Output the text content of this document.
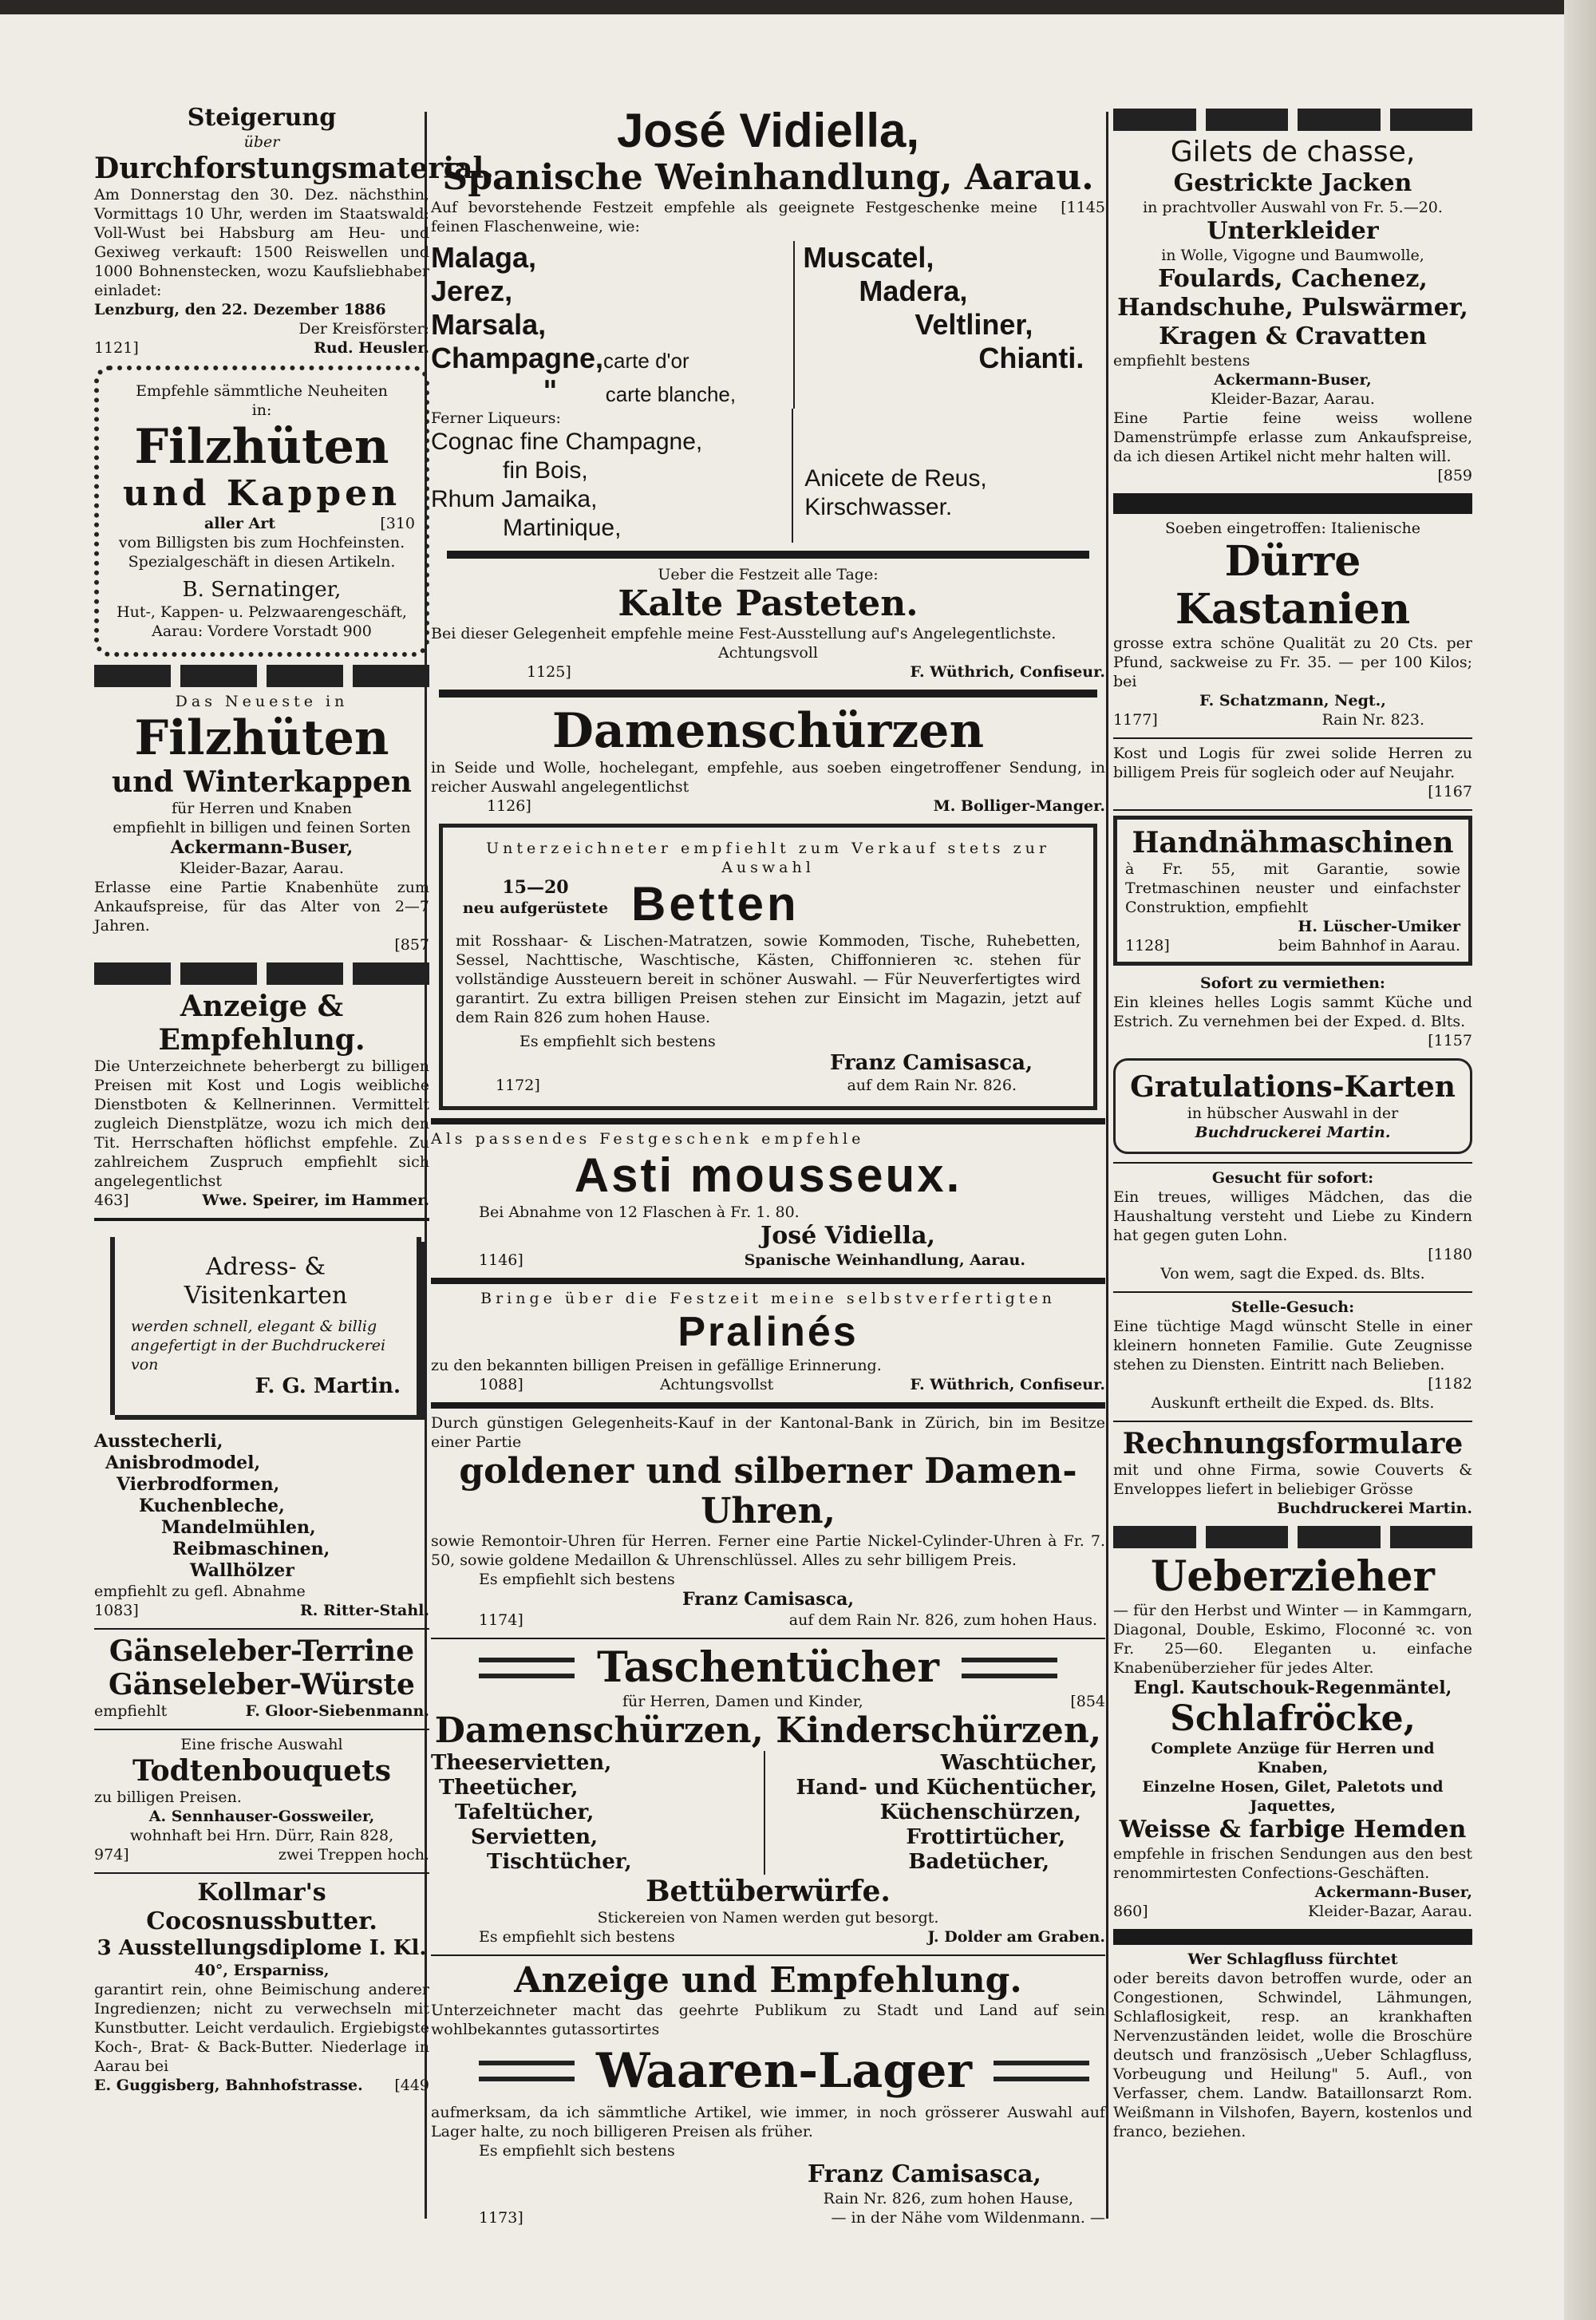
Steigerung
über
Durchforstungsmaterial.
Am Donnerstag den 30. Dez. nächsthin, Vormittags 10 Uhr, werden im Staatswald: Voll-Wust bei Habsburg am Heu- und Gexiweg verkauft: 1500 Reiswellen und 1000 Bohnenstecken, wozu Kaufsliebhaber einladet:
Lenzburg, den 22. Dezember 1886
Der Kreisförster:
1121]	Rud. Heusler.
Empfehle sämmtliche Neuheiten
in:
Filzhüten
und Kappen
aller Art	[310
vom Billigsten bis zum Hochfeinsten.
Spezialgeschäft in diesen Artikeln.
B. Sernatinger,
Hut-, Kappen- u. Pelzwaarengeschäft,
Aarau: Vordere Vorstadt 900
Das Neueste in
Filzhüten
und Winterkappen
für Herren und Knaben
empfiehlt in billigen und feinen Sorten
Ackermann-Buser,
Kleider-Bazar, Aarau.
Erlasse eine Partie Knabenhüte zum Ankaufspreise, für das Alter von 2—7 Jahren.
[857
Anzeige & Empfehlung.
Die Unterzeichnete beherbergt zu billigen Preisen mit Kost und Logis weibliche Dienstboten & Kellnerinnen. Vermittelt zugleich Dienstplätze, wozu ich mich den Tit. Herrschaften höflichst empfehle. Zu zahlreichem Zuspruch empfiehlt sich angelegentlichst
463]	Wwe. Speirer, im Hammer.
Adress- & Visitenkarten
werden schnell, elegant & billig angefertigt in der Buchdruckerei von
F. G. Martin.
Ausstecherli,
Anisbrodmodel,
Vierbrodformen,
Kuchenbleche,
Mandelmühlen,
Reibmaschinen,
Wallhölzer
empfiehlt zu gefl. Abnahme
1083]	R. Ritter-Stahl.
Gänseleber-Terrine
Gänseleber-Würste
empfiehlt	F. Gloor-Siebenmann.
Eine frische Auswahl
Todtenbouquets
zu billigen Preisen.
A. Sennhauser-Gossweiler,
wohnhaft bei Hrn. Dürr, Rain 828,
974]	zwei Treppen hoch.
Kollmar's Cocosnussbutter.
3 Ausstellungsdiplome I. Kl.
40°, Ersparniss,
garantirt rein, ohne Beimischung anderer Ingredienzen; nicht zu verwechseln mit Kunstbutter. Leicht verdaulich. Ergiebigste Koch-, Brat- & Back-Butter. Niederlage in Aarau bei
E. Guggisberg, Bahnhofstrasse. [449
José Vidiella,
Spanische Weinhandlung, Aarau.
Auf bevorstehende Festzeit empfehle als geeignete Festgeschenke meine feinen Flaschenweine, wie:
[1145
Malaga,
Jerez,
Marsala,
Champagne,carte d'or
" carte blanche,
Muscatel,
Madera,
Veltliner,
Chianti.
Ferner Liqueurs:
Cognac fine Champagne,
fin Bois,
Rhum Jamaika,
Martinique,
Anicete de Reus,
Kirschwasser.
Ueber die Festzeit alle Tage:
Kalte Pasteten.
Bei dieser Gelegenheit empfehle meine Fest-Ausstellung auf's Angelegentlichste.
Achtungsvoll
1125]	F. Wüthrich, Confiseur.
Damenschürzen
in Seide und Wolle, hochelegant, empfehle, aus soeben eingetroffener Sendung, in reicher Auswahl angelegentlichst
1126]	M. Bolliger-Manger.
Unterzeichneter empfiehlt zum Verkauf stets zur Auswahl
15—20
neu aufgerüstete Betten
mit Rosshaar- & Lischen-Matratzen, sowie Kommoden, Tische, Ruhebetten, Sessel, Nachttische, Waschtische, Kästen, Chiffonnieren ꝛc. stehen für vollständige Aussteuern bereit in schöner Auswahl. — Für Neuverfertigtes wird garantirt. Zu extra billigen Preisen stehen zur Einsicht im Magazin, jetzt auf dem Rain 826 zum hohen Hause.
Es empfiehlt sich bestens
Franz Camisasca,
1172]	auf dem Rain Nr. 826.
Als passendes Festgeschenk empfehle
Asti mousseux.
Bei Abnahme von 12 Flaschen à Fr. 1. 80.
José Vidiella,
1146]	Spanische Weinhandlung, Aarau.
Bringe über die Festzeit meine selbstverfertigten
Pralinés
zu den bekannten billigen Preisen in gefällige Erinnerung.
1088]	Achtungsvollst	F. Wüthrich, Confiseur.
Durch günstigen Gelegenheits-Kauf in der Kantonal-Bank in Zürich, bin im Besitze einer Partie
goldener und silberner Damen-Uhren,
sowie Remontoir-Uhren für Herren. Ferner eine Partie Nickel-Cylinder-Uhren à Fr. 7. 50, sowie goldene Medaillon & Uhrenschlüssel. Alles zu sehr billigem Preis.
Es empfiehlt sich bestens
Franz Camisasca,
1174]	auf dem Rain Nr. 826, zum hohen Haus.
Taschentücher
für Herren, Damen und Kinder,	[854
Damenschürzen, Kinderschürzen,
Theeservietten,
Theetücher,
Tafeltücher,
Servietten,
Tischtücher,
Waschtücher,
Hand- und Küchentücher,
Küchenschürzen,
Frottirtücher,
Badetücher,
Bettüberwürfe.
Stickereien von Namen werden gut besorgt.
Es empfiehlt sich bestens	J. Dolder am Graben.
Anzeige und Empfehlung.
Unterzeichneter macht das geehrte Publikum zu Stadt und Land auf sein wohlbekanntes gutassortirtes
Waaren-Lager
aufmerksam, da ich sämmtliche Artikel, wie immer, in noch grösserer Auswahl auf Lager halte, zu noch billigeren Preisen als früher.
Es empfiehlt sich bestens
Franz Camisasca,
Rain Nr. 826, zum hohen Hause,
1173]	— in der Nähe vom Wildenmann. —
Gilets de chasse,
Gestrickte Jacken
in prachtvoller Auswahl von Fr. 5.—20.
Unterkleider
in Wolle, Vigogne und Baumwolle,
Foulards, Cachenez,
Handschuhe, Pulswärmer,
Kragen & Cravatten
empfiehlt bestens
Ackermann-Buser,
Kleider-Bazar, Aarau.
Eine Partie feine weiss wollene Damenstrümpfe erlasse zum Ankaufspreise, da ich diesen Artikel nicht mehr halten will.
[859
Soeben eingetroffen: Italienische
Dürre Kastanien
grosse extra schöne Qualität zu 20 Cts. per Pfund, sackweise zu Fr. 35. — per 100 Kilos; bei
F. Schatzmann, Negt.,
1177]	Rain Nr. 823.
Kost und Logis für zwei solide Herren zu billigem Preis für sogleich oder auf Neujahr.
[1167
Handnähmaschinen
à Fr. 55, mit Garantie, sowie Tretmaschinen neuster und einfachster Construktion, empfiehlt
H. Lüscher-Umiker
1128]	beim Bahnhof in Aarau.
Sofort zu vermiethen:
Ein kleines helles Logis sammt Küche und Estrich. Zu vernehmen bei der Exped. d. Blts.
[1157
Gratulations-Karten
in hübscher Auswahl in der
Buchdruckerei Martin.
Gesucht für sofort:
Ein treues, williges Mädchen, das die Haushaltung versteht und Liebe zu Kindern hat gegen guten Lohn.
[1180
Von wem, sagt die Exped. ds. Blts.
Stelle-Gesuch:
Eine tüchtige Magd wünscht Stelle in einer kleinern honneten Familie. Gute Zeugnisse stehen zu Diensten. Eintritt nach Belieben.
[1182
Auskunft ertheilt die Exped. ds. Blts.
Rechnungsformulare
mit und ohne Firma, sowie Couverts & Enveloppes liefert in beliebiger Grösse
Buchdruckerei Martin.
Ueberzieher
— für den Herbst und Winter — in Kammgarn, Diagonal, Double, Eskimo, Floconné ꝛc. von Fr. 25—60. Eleganten u. einfache Knabenüberzieher für jedes Alter.
Engl. Kautschouk-Regenmäntel,
Schlafröcke,
Complete Anzüge für Herren und Knaben,
Einzelne Hosen, Gilet, Paletots und Jaquettes,
Weisse & farbige Hemden
empfehle in frischen Sendungen aus den best renommirtesten Confections-Geschäften.
Ackermann-Buser,
860]	Kleider-Bazar, Aarau.
Wer Schlagfluss fürchtet
oder bereits davon betroffen wurde, oder an Congestionen, Schwindel, Lähmungen, Schlaflosigkeit, resp. an krankhaften Nervenzuständen leidet, wolle die Broschüre deutsch und französisch „Ueber Schlagfluss, Vorbeugung und Heilung" 5. Aufl., von Verfasser, chem. Landw. Bataillonsarzt Rom. Weißmann in Vilshofen, Bayern, kostenlos und franco, beziehen.
